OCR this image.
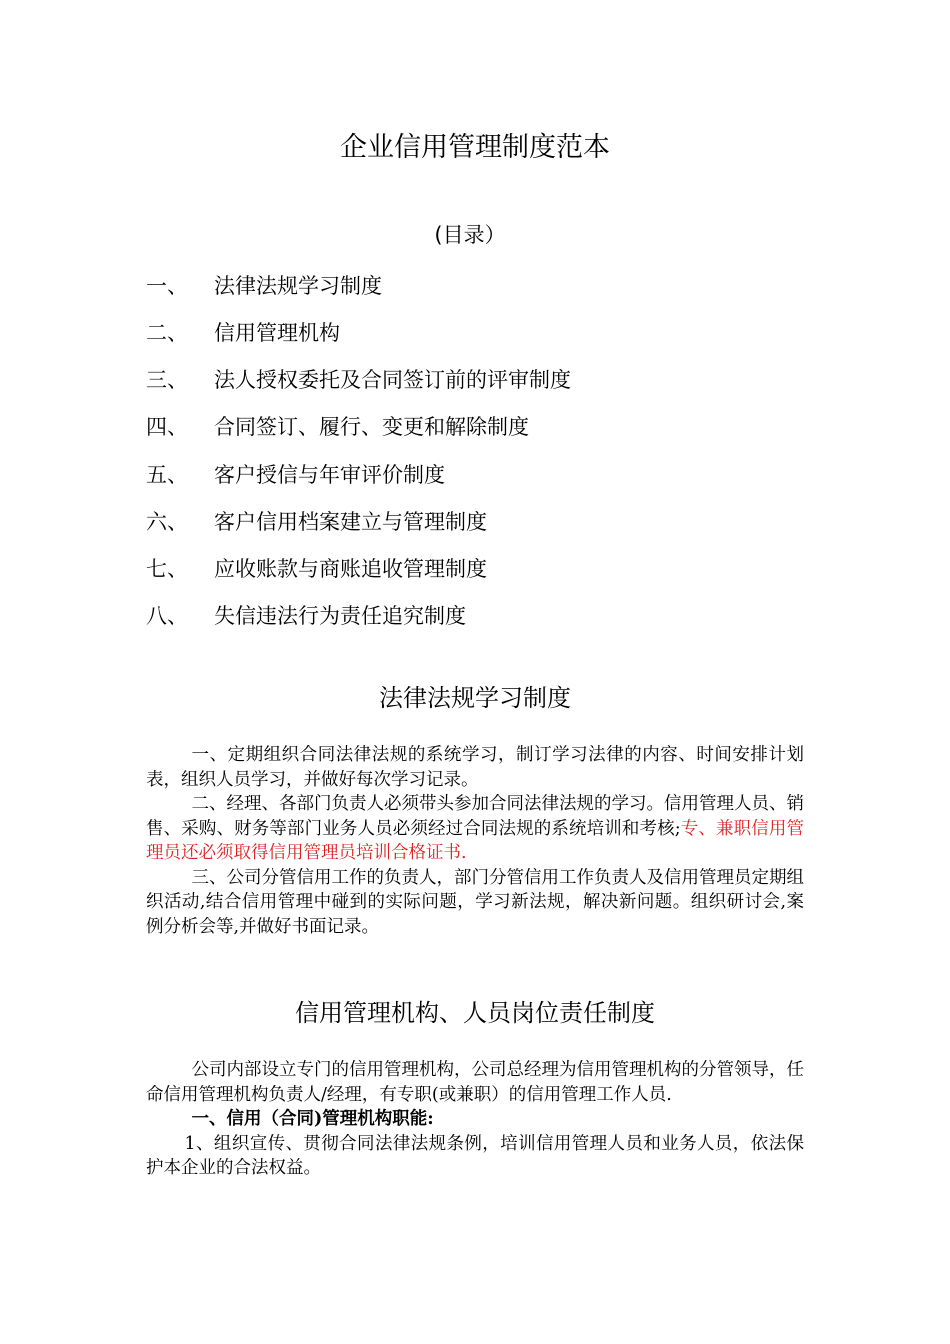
企业信用管理制度范本
(目录）
一、 法律法规学习制度
二、 信用管理机构
三、 法人授权委托及合同签订前的评审制度
四、 合同签订、履行、变更和解除制度
五、 客户授信与年审评价制度
六、 客户信用档案建立与管理制度
七、 应收账款与商账追收管理制度
八、 失信违法行为责任追究制度
法律法规学习制度

一、定期组织合同法律法规的系统学习，制订学习法律的内容、时间安排计划表，组织人员学习，并做好每次学习记录。

二、经理、各部门负责人必须带头参加合同法律法规的学习。信用管理人员、销售、采购、财务等部门业务人员必须经过合同法规的系统培训和考核;专、兼职信用管理员还必须取得信用管理员培训合格证书.

三、公司分管信用工作的负责人，部门分管信用工作负责人及信用管理员定期组织活动,结合信用管理中碰到的实际问题，学习新法规，解决新问题。组织研讨会,案例分析会等,并做好书面记录。

信用管理机构、人员岗位责任制度

公司内部设立专门的信用管理机构，公司总经理为信用管理机构的分管领导，任命信用管理机构负责人/经理，有专职(或兼职）的信用管理工作人员.

一、信用（合同)管理机构职能:

1、组织宣传、贯彻合同法律法规条例，培训信用管理人员和业务人员，依法保护本企业的合法权益。
